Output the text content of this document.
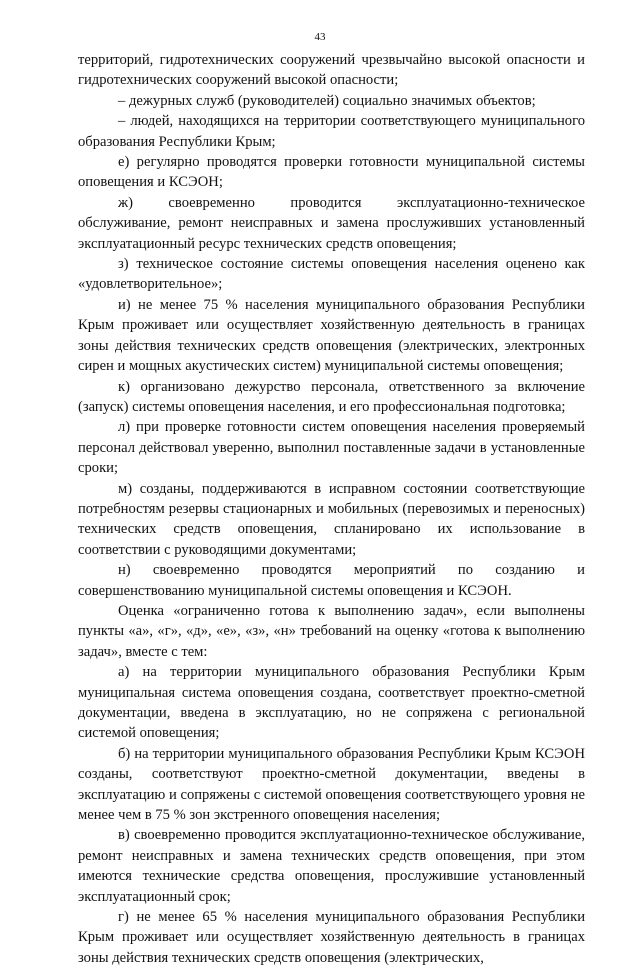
43
территорий, гидротехнических сооружений чрезвычайно высокой опасности и гидротехнических сооружений высокой опасности;
– дежурных служб (руководителей) социально значимых объектов;
– людей, находящихся на территории соответствующего муниципального образования Республики Крым;
е) регулярно проводятся проверки готовности муниципальной системы оповещения и КСЭОН;
ж) своевременно проводится эксплуатационно-техническое обслуживание, ремонт неисправных и замена прослуживших установленный эксплуатационный ресурс технических средств оповещения;
з) техническое состояние системы оповещения населения оценено как «удовлетворительное»;
и) не менее 75 % населения муниципального образования Республики Крым проживает или осуществляет хозяйственную деятельность в границах зоны действия технических средств оповещения (электрических, электронных сирен и мощных акустических систем) муниципальной системы оповещения;
к) организовано дежурство персонала, ответственного за включение (запуск) системы оповещения населения, и его профессиональная подготовка;
л) при проверке готовности систем оповещения населения проверяемый персонал действовал уверенно, выполнил поставленные задачи в установленные сроки;
м) созданы, поддерживаются в исправном состоянии соответствующие потребностям резервы стационарных и мобильных (перевозимых и переносных) технических средств оповещения, спланировано их использование в соответствии с руководящими документами;
н) своевременно проводятся мероприятий по созданию и совершенствованию муниципальной системы оповещения и КСЭОН.
Оценка «ограниченно готова к выполнению задач», если выполнены пункты «а», «г», «д», «е», «з», «н» требований на оценку «готова к выполнению задач», вместе с тем:
а) на территории муниципального образования Республики Крым муниципальная система оповещения создана, соответствует проектно-сметной документации, введена в эксплуатацию, но не сопряжена с региональной системой оповещения;
б) на территории муниципального образования Республики Крым КСЭОН созданы, соответствуют проектно-сметной документации, введены в эксплуатацию и сопряжены с системой оповещения соответствующего уровня не менее чем в 75 % зон экстренного оповещения населения;
в) своевременно проводится эксплуатационно-техническое обслуживание, ремонт неисправных и замена технических средств оповещения, при этом имеются технические средства оповещения, прослужившие установленный эксплуатационный срок;
г) не менее 65 % населения муниципального образования Республики Крым проживает или осуществляет хозяйственную деятельность в границах зоны действия технических средств оповещения (электрических,
